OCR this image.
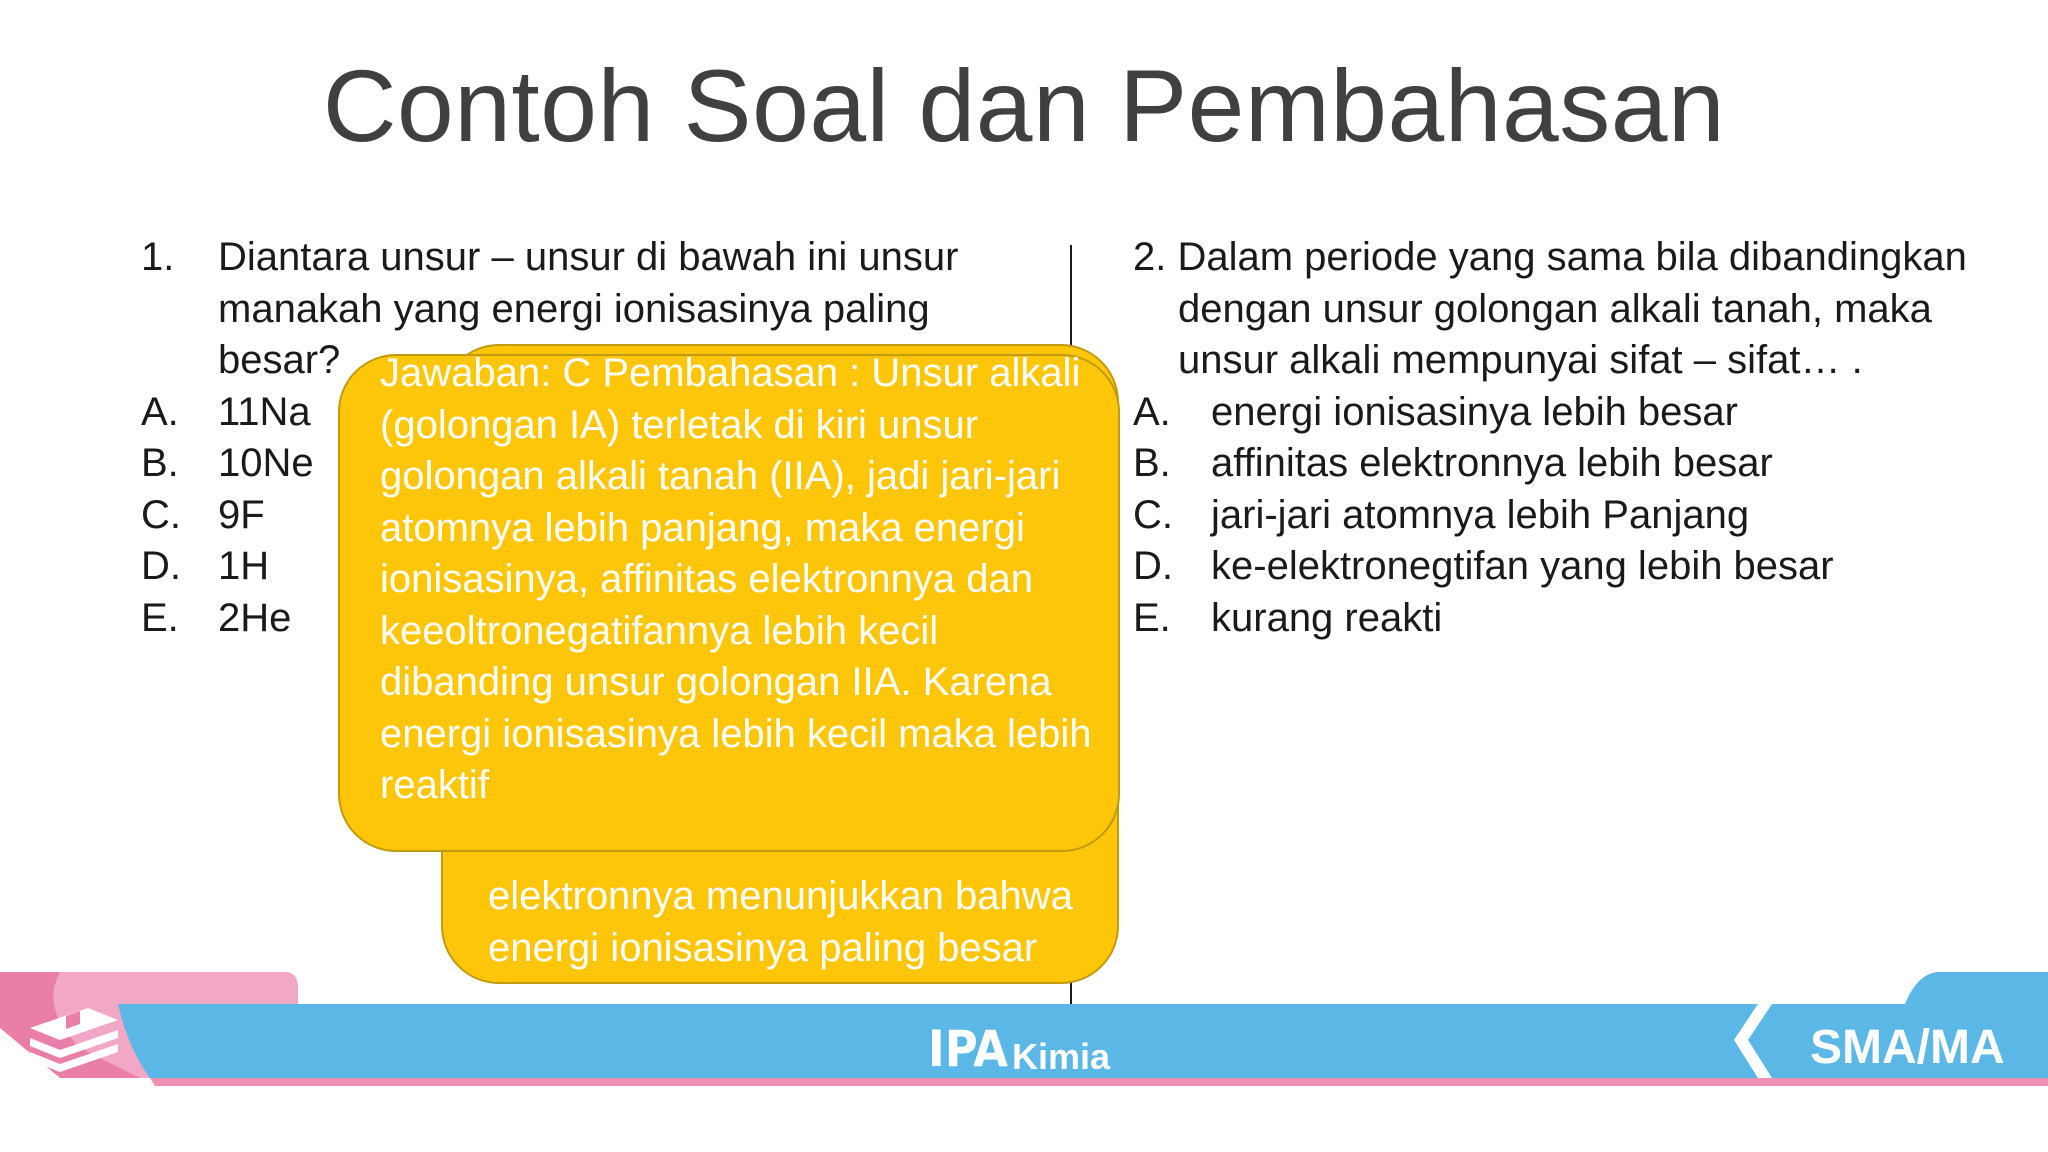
Contoh Soal dan Pembahasan
1. Diantara unsur – unsur di bawah ini unsur manakah yang energi ionisasinya paling besar?
A. 11Na
B. 10Ne
C. 9F
D. 1H
E. 2He
2. Dalam periode yang sama bila dibandingkan dengan unsur golongan alkali tanah, maka unsur alkali mempunyai sifat – sifat… .
A. energi ionisasinya lebih besar
B. affinitas elektronnya lebih besar
C. jari-jari atomnya lebih Panjang
D. ke-elektronegtifan yang lebih besar
E. kurang reakti
elektronnya menunjukkan bahwa energi ionisasinya paling besar
Jawaban: C Pembahasan : Unsur alkali (golongan IA) terletak di kiri unsur golongan alkali tanah (IIA), jadi jari-jari atomnya lebih panjang, maka energi ionisasinya, affinitas elektronnya dan keeoltronegatifannya lebih kecil dibanding unsur golongan IIA. Karena energi ionisasinya lebih kecil maka lebih reaktif
IPA Kimia	SMA/MA
